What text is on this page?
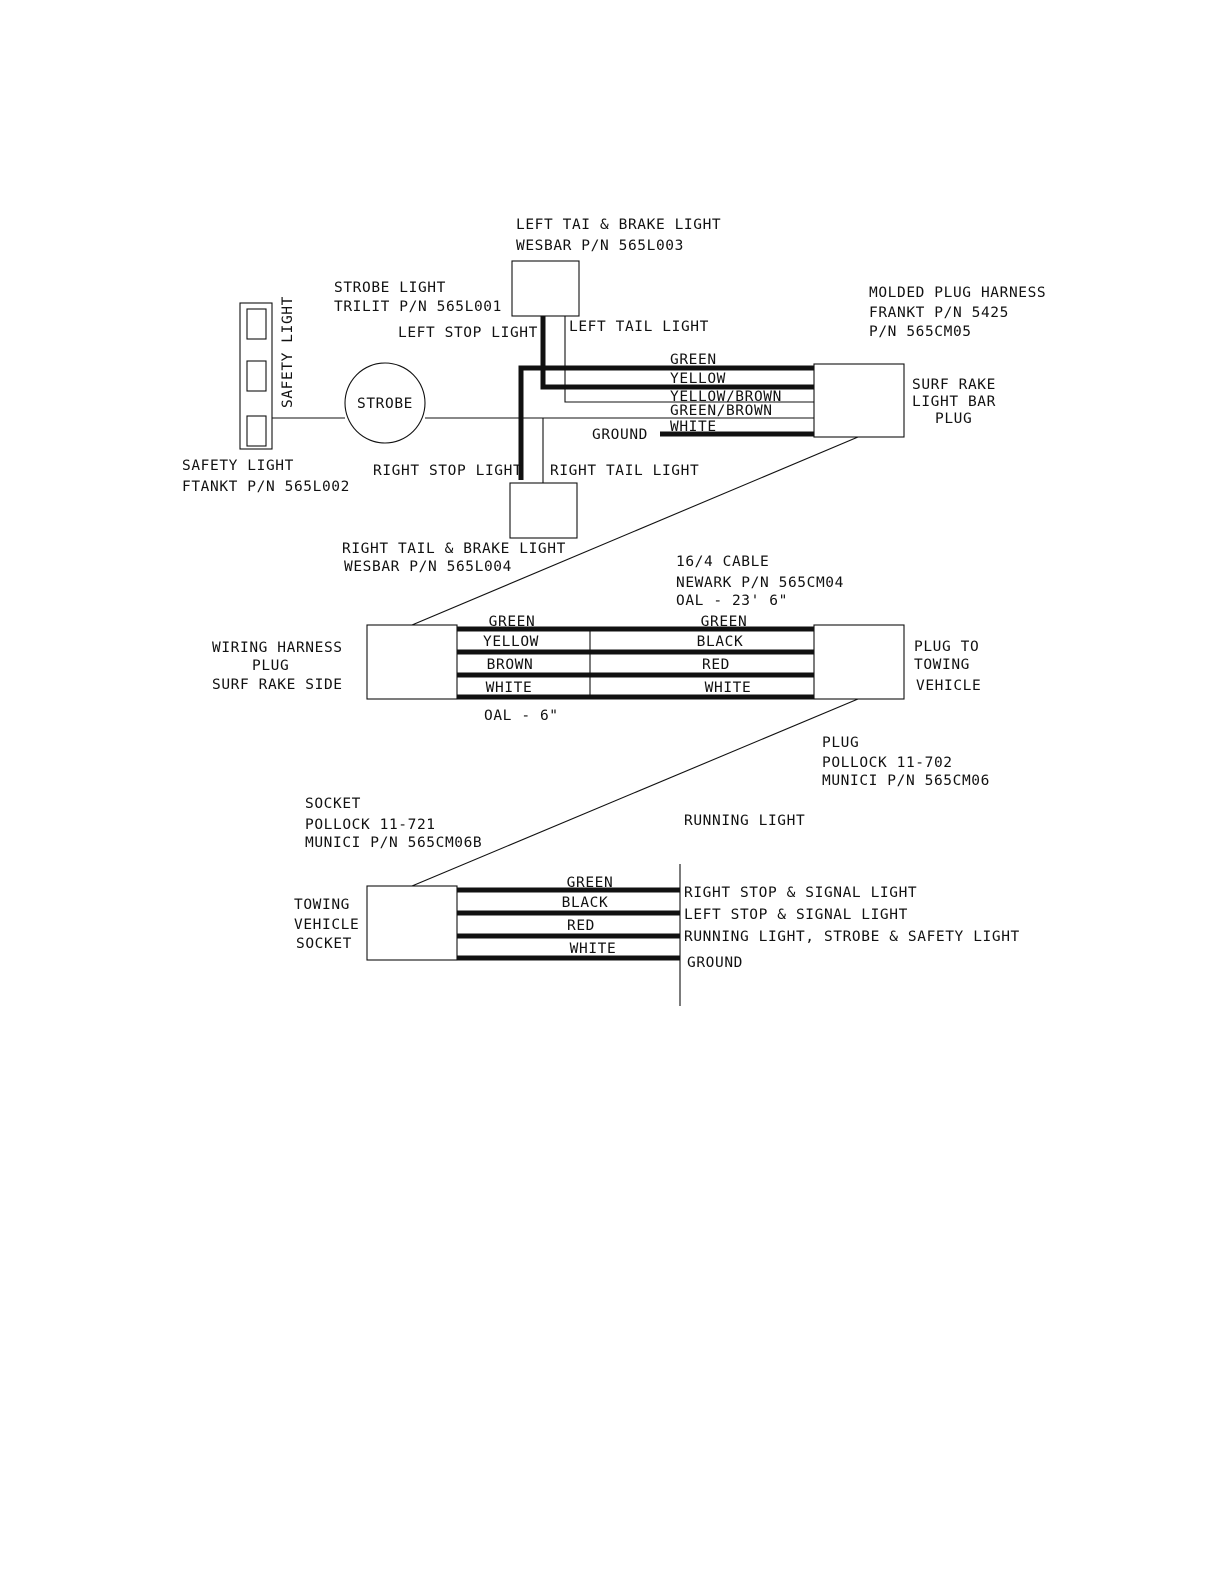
SAFETY LIGHT	STROBE
LEFT TAI & BRAKE LIGHT
WESBAR P/N 565L003
STROBE LIGHT
TRILIT P/N 565L001
MOLDED PLUG HARNESS
FRANKT P/N 5425
P/N 565CM05
LEFT STOP LIGHT LEFT TAIL LIGHT
SURF RAKE
LIGHT BAR
PLUG
GREEN
YELLOW
YELLOW/BROWN
GREEN/BROWN
WHITE
GROUND
SAFETY LIGHT
FTANKT P/N 565L002
RIGHT STOP LIGHT RIGHT TAIL LIGHT
RIGHT TAIL & BRAKE LIGHT
WESBAR P/N 565L004	16/4 CABLE
NEWARK P/N 565CM04
OAL - 23' 6"
WIRING HARNESS
PLUG
SURF RAKE SIDE
PLUG TO
TOWING
VEHICLE
GREEN
YELLOW
BROWN
WHITE
GREEN
BLACK
RED
WHITE
OAL - 6"
PLUG
POLLOCK 11-702
MUNICI P/N 565CM06
SOCKET
POLLOCK 11-721
MUNICI P/N 565CM06B
RUNNING LIGHT
TOWING
VEHICLE
SOCKET
GREEN
BLACK
RED
WHITE
RIGHT STOP & SIGNAL LIGHT
LEFT STOP & SIGNAL LIGHT
RUNNING LIGHT, STROBE & SAFETY LIGHT
GROUND
